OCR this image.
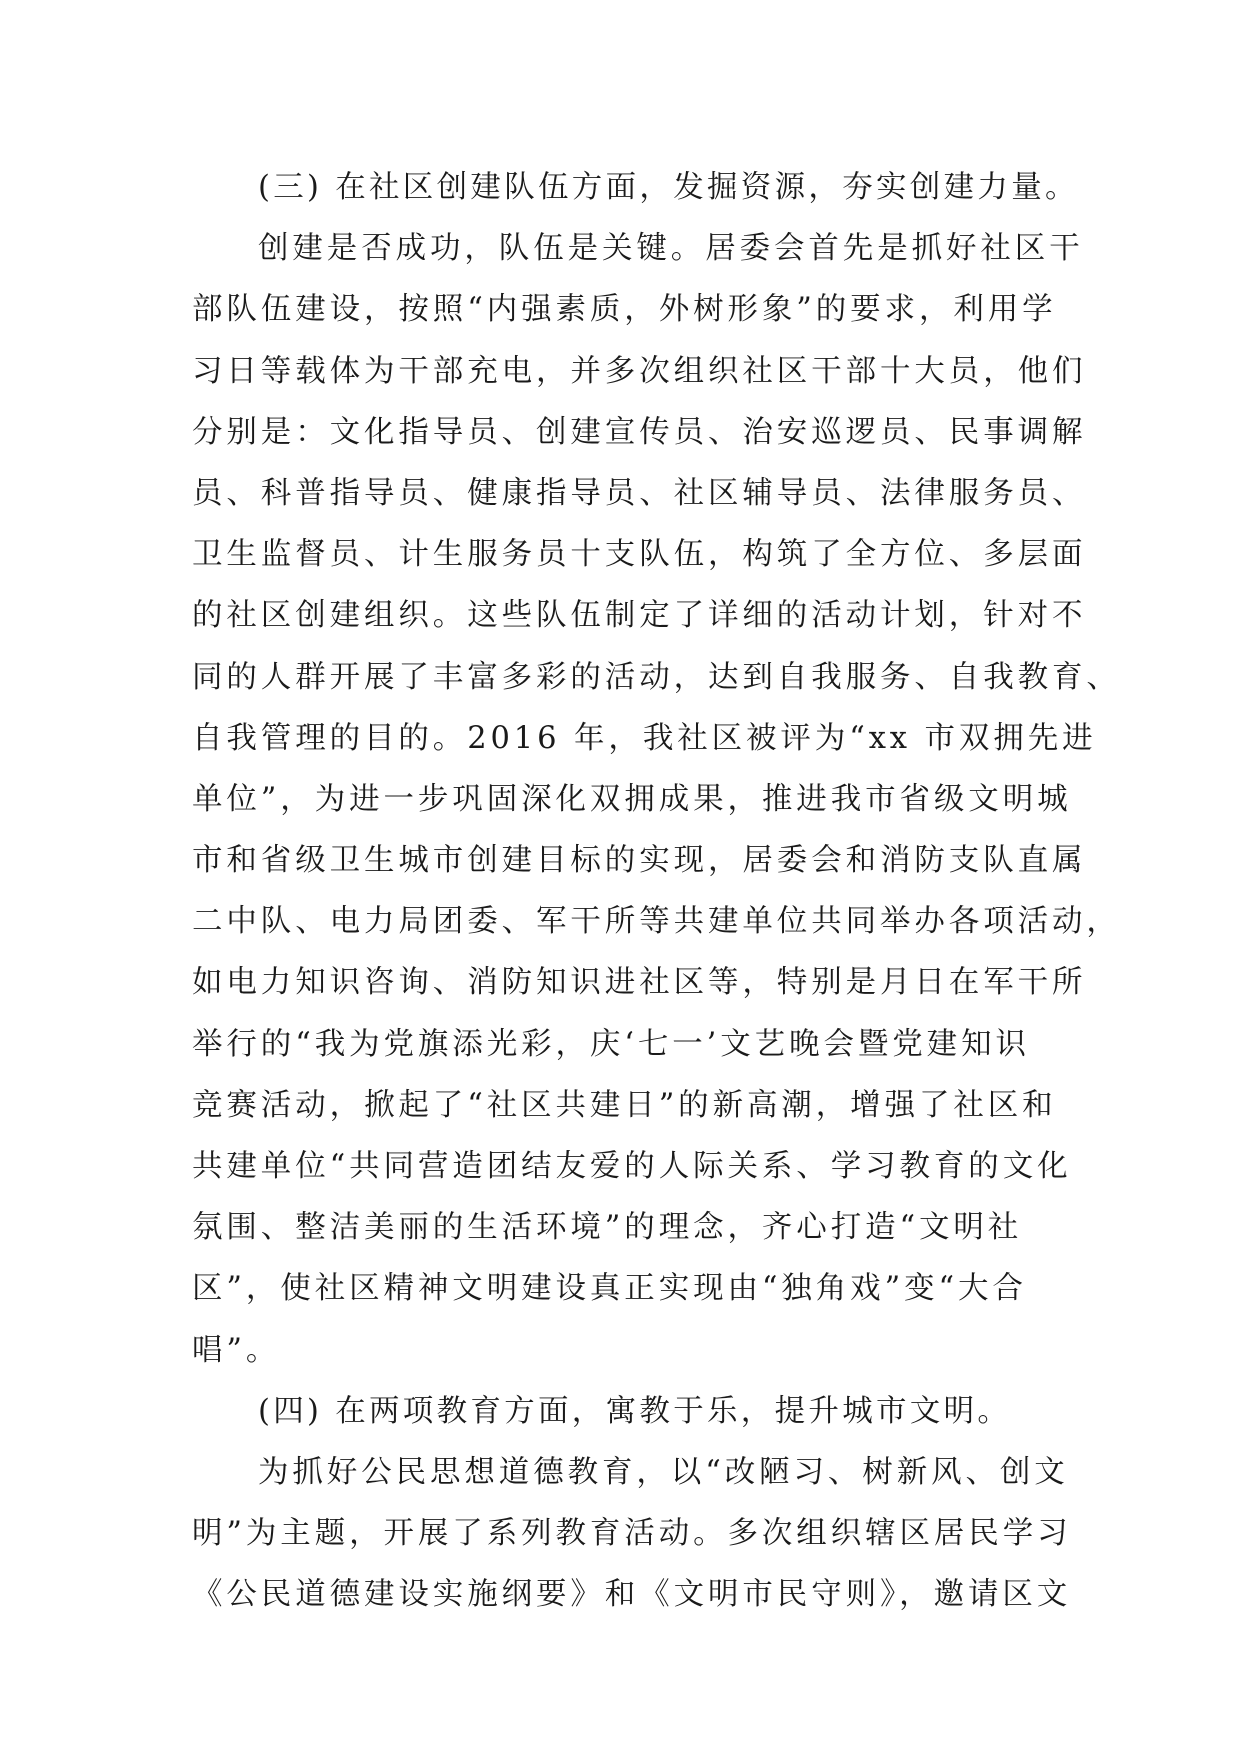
(三) 在社区创建队伍方面，发掘资源，夯实创建力量。
创建是否成功，队伍是关键。居委会首先是抓好社区干
部队伍建设，按照“内强素质，外树形象”的要求，利用学
习日等载体为干部充电，并多次组织社区干部十大员，他们
分别是：文化指导员、创建宣传员、治安巡逻员、民事调解
员、科普指导员、健康指导员、社区辅导员、法律服务员、
卫生监督员、计生服务员十支队伍，构筑了全方位、多层面
的社区创建组织。这些队伍制定了详细的活动计划，针对不
同的人群开展了丰富多彩的活动，达到自我服务、自我教育、
自我管理的目的。2016 年，我社区被评为“xx 市双拥先进
单位”，为进一步巩固深化双拥成果，推进我市省级文明城
市和省级卫生城市创建目标的实现，居委会和消防支队直属
二中队、电力局团委、军干所等共建单位共同举办各项活动，
如电力知识咨询、消防知识进社区等，特别是月日在军干所
举行的“我为党旗添光彩，庆‘七一’文艺晚会暨党建知识
竞赛活动，掀起了“社区共建日”的新高潮，增强了社区和
共建单位“共同营造团结友爱的人际关系、学习教育的文化
氛围、整洁美丽的生活环境”的理念，齐心打造“文明社
区”，使社区精神文明建设真正实现由“独角戏”变“大合
唱”。
(四) 在两项教育方面，寓教于乐，提升城市文明。
为抓好公民思想道德教育，以“改陋习、树新风、创文
明”为主题，开展了系列教育活动。多次组织辖区居民学习
《公民道德建设实施纲要》和《文明市民守则》，邀请区文
